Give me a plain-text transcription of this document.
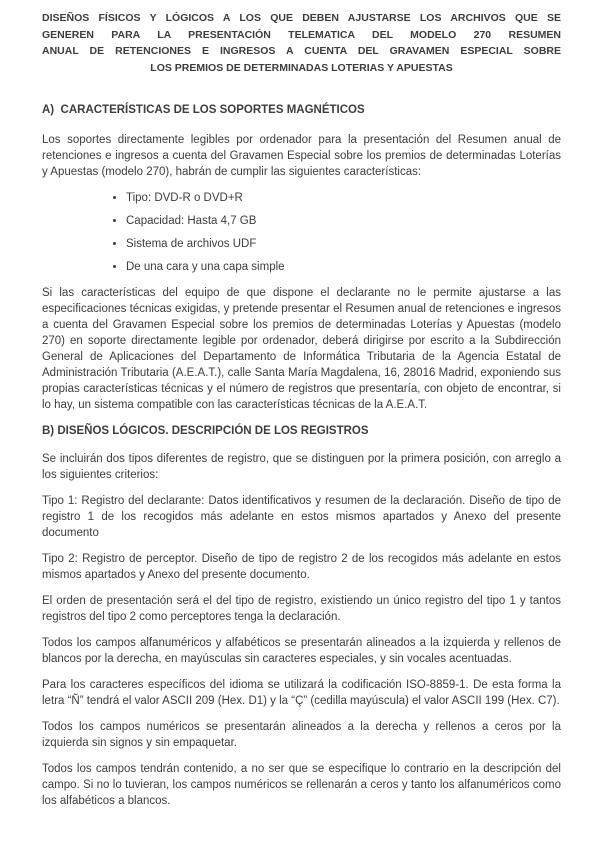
DISEÑOS FÍSICOS Y LÓGICOS A LOS QUE DEBEN AJUSTARSE LOS ARCHIVOS QUE SE
GENEREN PARA LA PRESENTACIÓN TELEMATICA DEL MODELO 270 RESUMEN
ANUAL DE RETENCIONES E INGRESOS A CUENTA DEL GRAVAMEN ESPECIAL SOBRE
LOS PREMIOS DE DETERMINADAS LOTERIAS Y APUESTAS
A)  CARACTERÍSTICAS DE LOS SOPORTES MAGNÉTICOS

Los soportes directamente legibles por ordenador para la presentación del Resumen anual de retenciones e ingresos a cuenta del Gravamen Especial sobre los premios de determinadas Loterías y Apuestas (modelo 270), habrán de cumplir las siguientes características:

• Tipo: DVD-R o DVD+R
• Capacidad: Hasta 4,7 GB
• Sistema de archivos UDF
• De una cara y una capa simple

Si las características del equipo de que dispone el declarante no le permite ajustarse a las especificaciones técnicas exigidas, y pretende presentar el Resumen anual de retenciones e ingresos a cuenta del Gravamen Especial sobre los premios de determinadas Loterías y Apuestas (modelo 270) en soporte directamente legible por ordenador, deberá dirigirse por escrito a la Subdirección General de Aplicaciones del Departamento de Informática Tributaria de la Agencia Estatal de Administración Tributaria (A.E.A.T.), calle Santa María Magdalena, 16, 28016 Madrid, exponiendo sus propias características técnicas y el número de registros que presentaría, con objeto de encontrar, si lo hay, un sistema compatible con las características técnicas de la A.E.A.T.

B) DISEÑOS LÓGICOS. DESCRIPCIÓN DE LOS REGISTROS

Se incluirán dos tipos diferentes de registro, que se distinguen por la primera posición, con arreglo a los siguientes criterios:

Tipo 1: Registro del declarante: Datos identificativos y resumen de la declaración. Diseño de tipo de registro 1 de los recogidos más adelante en estos mismos apartados y Anexo del presente documento

Tipo 2: Registro de perceptor. Diseño de tipo de registro 2 de los recogidos más adelante en estos mismos apartados y Anexo del presente documento.

El orden de presentación será el del tipo de registro, existiendo un único registro del tipo 1 y tantos registros del tipo 2 como perceptores tenga la declaración.

Todos los campos alfanuméricos y alfabéticos se presentarán alineados a la izquierda y rellenos de blancos por la derecha, en mayúsculas sin caracteres especiales, y sin vocales acentuadas.

Para los caracteres específicos del idioma se utilizará la codificación ISO-8859-1. De esta forma la letra “Ñ” tendrá el valor ASCII 209 (Hex. D1) y la “Ç” (cedilla mayúscula) el valor ASCII 199 (Hex. C7).

Todos los campos numéricos se presentarán alineados a la derecha y rellenos a ceros por la izquierda sin signos y sin empaquetar.

Todos los campos tendrán contenido, a no ser que se especifique lo contrario en la descripción del campo. Si no lo tuvieran, los campos numéricos se rellenarán a ceros y tanto los alfanuméricos como los alfabéticos a blancos.
